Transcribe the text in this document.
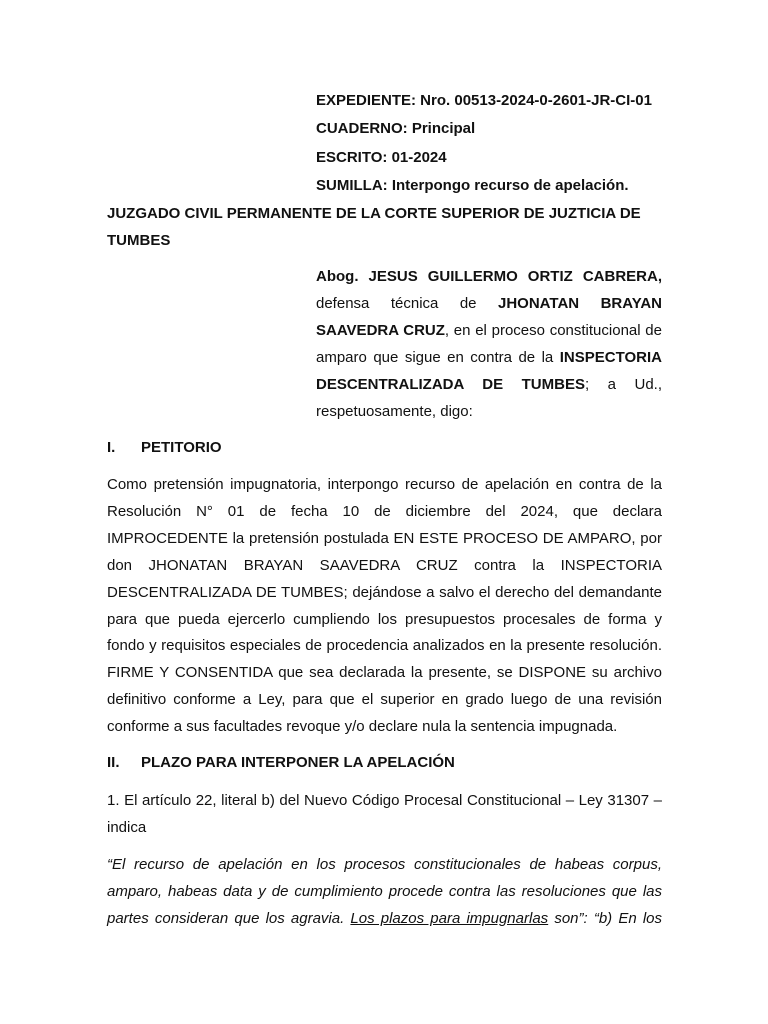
EXPEDIENTE: Nro. 00513-2024-0-2601-JR-CI-01
CUADERNO: Principal
ESCRITO: 01-2024
SUMILLA: Interpongo recurso de apelación.
JUZGADO CIVIL PERMANENTE DE LA CORTE SUPERIOR DE JUZTICIA DE TUMBES
Abog. JESUS GUILLERMO ORTIZ CABRERA, defensa técnica de JHONATAN BRAYAN SAAVEDRA CRUZ, en el proceso constitucional de amparo que sigue en contra de la INSPECTORIA DESCENTRALIZADA DE TUMBES; a Ud., respetuosamente, digo:
I. PETITORIO
Como pretensión impugnatoria, interpongo recurso de apelación en contra de la Resolución N° 01 de fecha 10 de diciembre del 2024, que declara IMPROCEDENTE la pretensión postulada EN ESTE PROCESO DE AMPARO, por don JHONATAN BRAYAN SAAVEDRA CRUZ contra la INSPECTORIA DESCENTRALIZADA DE TUMBES; dejándose a salvo el derecho del demandante para que pueda ejercerlo cumpliendo los presupuestos procesales de forma y fondo y requisitos especiales de procedencia analizados en la presente resolución. FIRME Y CONSENTIDA que sea declarada la presente, se DISPONE su archivo definitivo conforme a Ley, para que el superior en grado luego de una revisión conforme a sus facultades revoque y/o declare nula la sentencia impugnada.
II. PLAZO PARA INTERPONER LA APELACIÓN
1. El artículo 22, literal b) del Nuevo Código Procesal Constitucional – Ley 31307 – indica
“El recurso de apelación en los procesos constitucionales de habeas corpus, amparo, habeas data y de cumplimiento procede contra las resoluciones que las partes consideran que los agravia. Los plazos para impugnarlas son”: “b) En los
